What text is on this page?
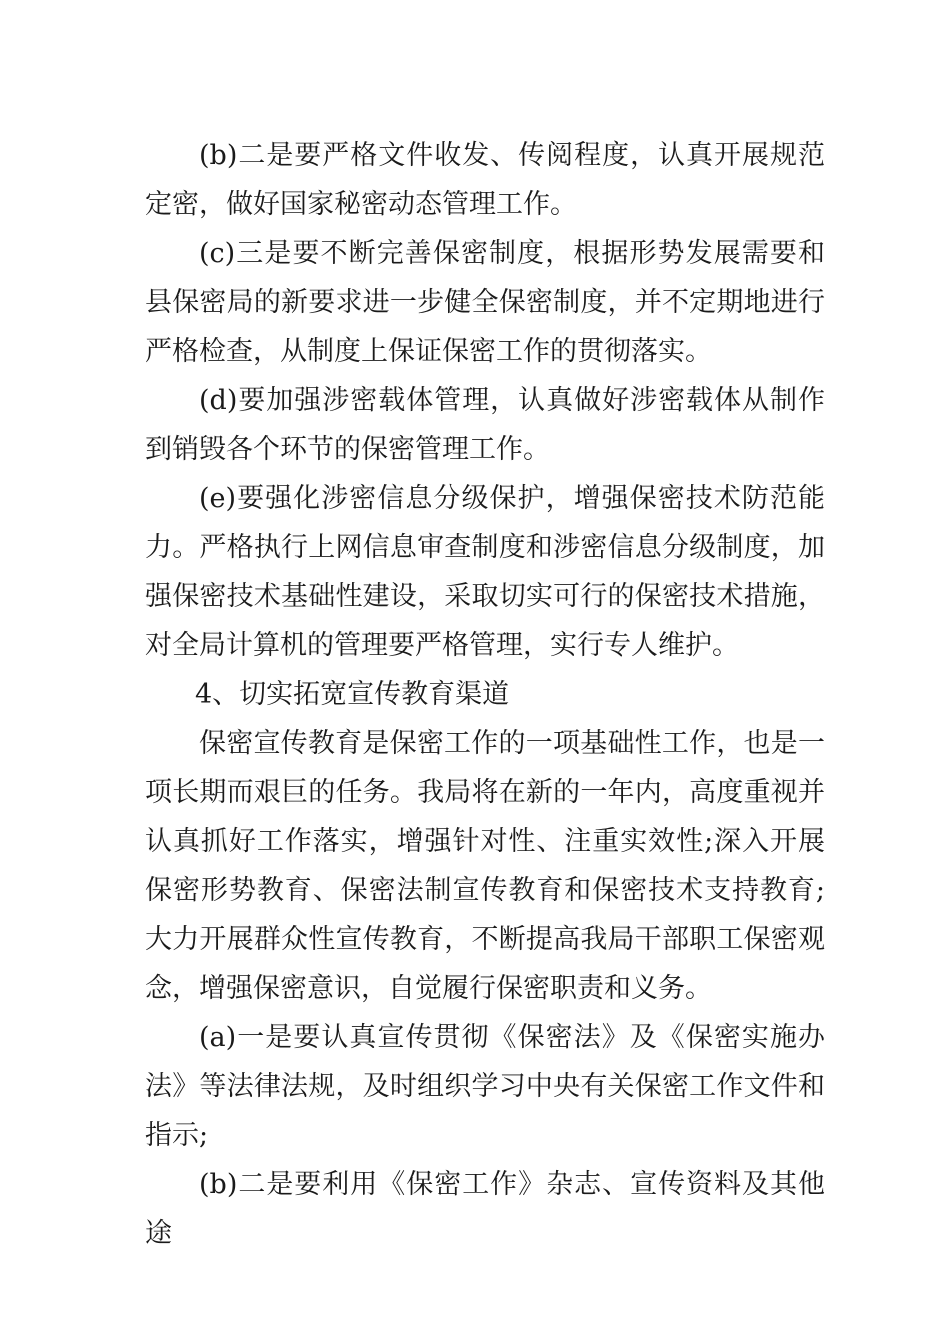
(b)二是要严格文件收发、传阅程度，认真开展规范定密，做好国家秘密动态管理工作。

(c)三是要不断完善保密制度，根据形势发展需要和县保密局的新要求进一步健全保密制度，并不定期地进行严格检查，从制度上保证保密工作的贯彻落实。

(d)要加强涉密载体管理，认真做好涉密载体从制作到销毁各个环节的保密管理工作。

(e)要强化涉密信息分级保护，增强保密技术防范能力。严格执行上网信息审查制度和涉密信息分级制度，加强保密技术基础性建设，采取切实可行的保密技术措施，对全局计算机的管理要严格管理，实行专人维护。

4、切实拓宽宣传教育渠道

保密宣传教育是保密工作的一项基础性工作，也是一项长期而艰巨的任务。我局将在新的一年内，高度重视并认真抓好工作落实，增强针对性、注重实效性;深入开展保密形势教育、保密法制宣传教育和保密技术支持教育;大力开展群众性宣传教育，不断提高我局干部职工保密观念，增强保密意识，自觉履行保密职责和义务。

(a)一是要认真宣传贯彻《保密法》及《保密实施办法》等法律法规，及时组织学习中央有关保密工作文件和指示;

(b)二是要利用《保密工作》杂志、宣传资料及其他途
